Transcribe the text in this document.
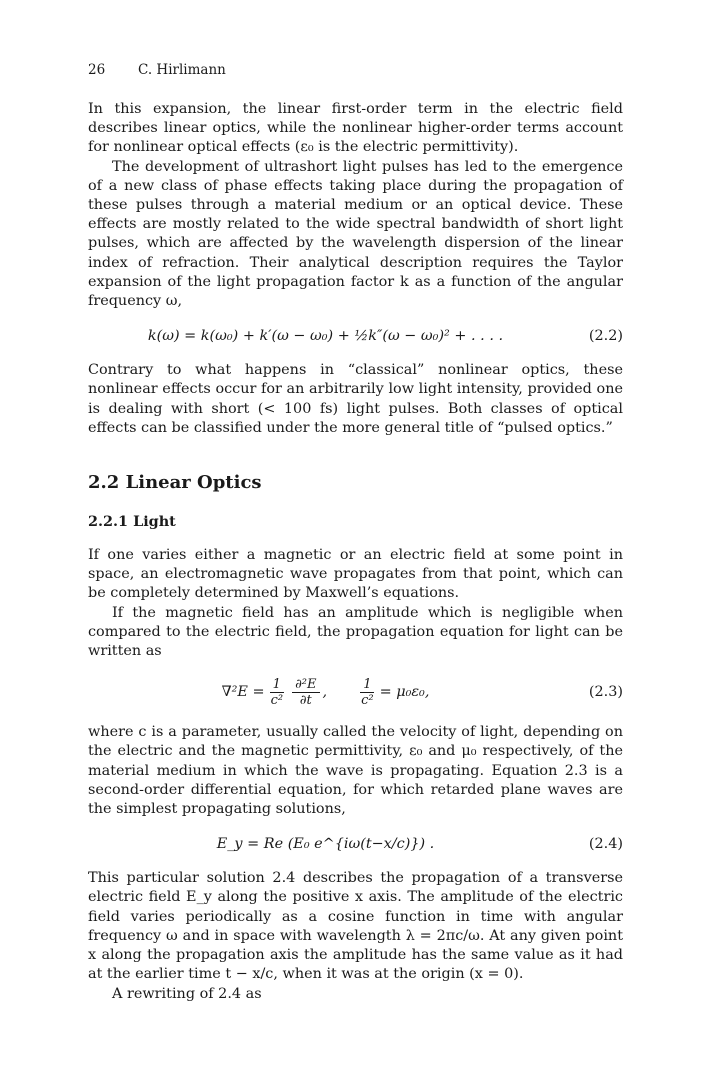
26 C. Hirlimann

In this expansion, the linear first-order term in the electric field describes linear optics, while the nonlinear higher-order terms account for nonlinear optical effects (ε₀ is the electric permittivity).

The development of ultrashort light pulses has led to the emergence of a new class of phase effects taking place during the propagation of these pulses through a material medium or an optical device. These effects are mostly related to the wide spectral bandwidth of short light pulses, which are affected by the wavelength dispersion of the linear index of refraction. Their analytical description requires the Taylor expansion of the light propagation factor k as a function of the angular frequency ω,

k(ω) = k(ω₀) + k′(ω − ω₀) + ½k″(ω − ω₀)² + . . . .	(2.2)

Contrary to what happens in “classical” nonlinear optics, these nonlinear effects occur for an arbitrarily low light intensity, provided one is dealing with short (< 100 fs) light pulses. Both classes of optical effects can be classified under the more general title of “pulsed optics.”

2.2 Linear Optics
2.2.1 Light

If one varies either a magnetic or an electric field at some point in space, an electromagnetic wave propagates from that point, which can be completely determined by Maxwell’s equations.

If the magnetic field has an amplitude which is negligible when compared to the electric field, the propagation equation for light can be written as

$\nabla^2E = \frac{1}{\text{c²}} \frac{\text{∂²E}}{\partial t}$ , $\frac{1}{\text{c²}} = \mu_0\varepsilon_0$,	(2.3)

where c is a parameter, usually called the velocity of light, depending on the electric and the magnetic permittivity, ε₀ and μ₀ respectively, of the material medium in which the wave is propagating. Equation 2.3 is a second-order differential equation, for which retarded plane waves are the simplest propagating solutions,

E_y = Re (E₀ e^{iω(t−x/c)}) .	(2.4)

This particular solution 2.4 describes the propagation of a transverse electric field E_y along the positive x axis. The amplitude of the electric field varies periodically as a cosine function in time with angular frequency ω and in space with wavelength λ = 2πc/ω. At any given point x along the propagation axis the amplitude has the same value as it had at the earlier time t − x/c, when it was at the origin (x = 0).

A rewriting of 2.4 as
